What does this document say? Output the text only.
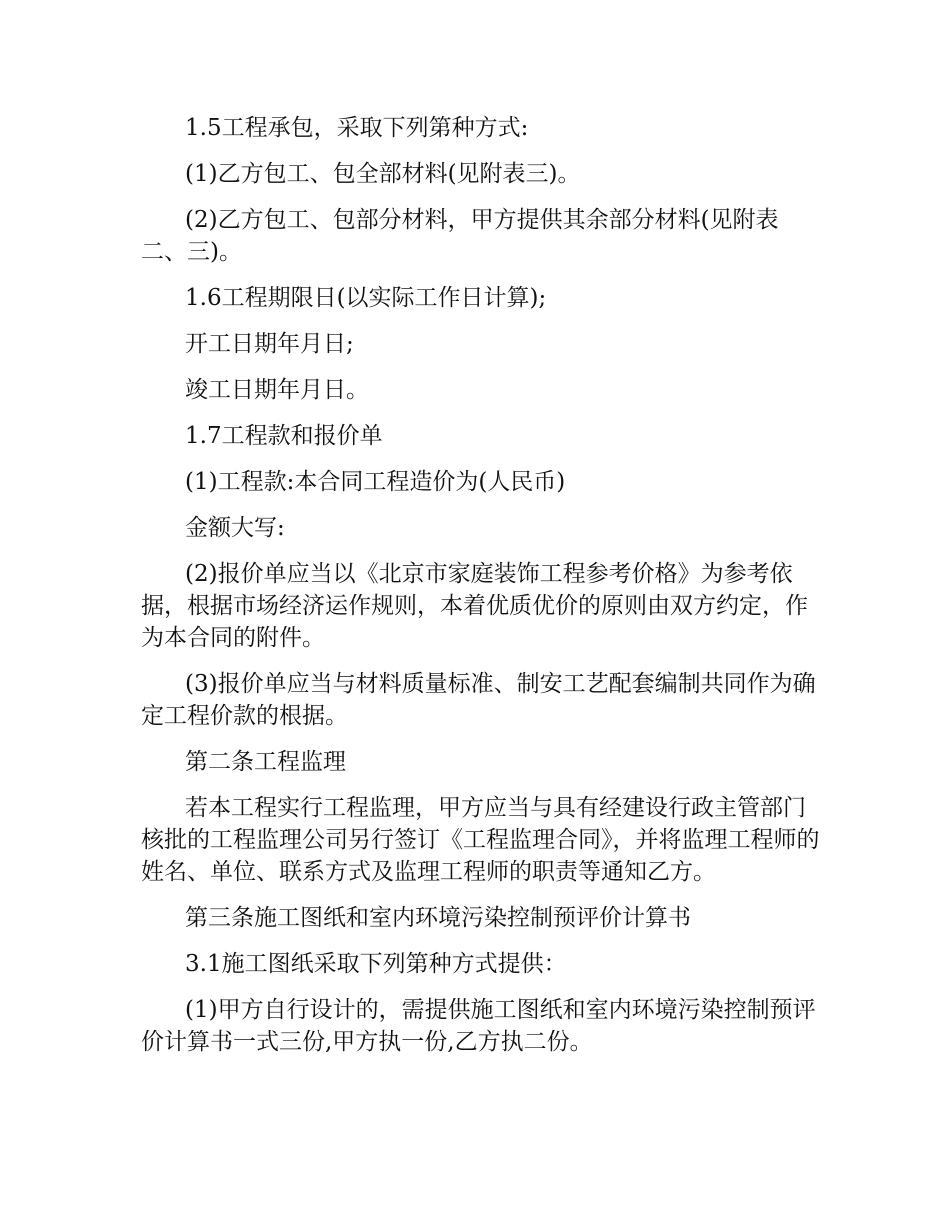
1.5工程承包，采取下列第种方式:

(1)乙方包工、包全部材料(见附表三)。

(2)乙方包工、包部分材料，甲方提供其余部分材料(见附表二、三)。

1.6工程期限日(以实际工作日计算);

开工日期年月日;

竣工日期年月日。

1.7工程款和报价单

(1)工程款:本合同工程造价为(人民币)

金额大写:

(2)报价单应当以《北京市家庭装饰工程参考价格》为参考依据，根据市场经济运作规则，本着优质优价的原则由双方约定，作为本合同的附件。

(3)报价单应当与材料质量标准、制安工艺配套编制共同作为确定工程价款的根据。

第二条工程监理

若本工程实行工程监理，甲方应当与具有经建设行政主管部门核批的工程监理公司另行签订《工程监理合同》，并将监理工程师的姓名、单位、联系方式及监理工程师的职责等通知乙方。

第三条施工图纸和室内环境污染控制预评价计算书

3.1施工图纸采取下列第种方式提供：

(1)甲方自行设计的，需提供施工图纸和室内环境污染控制预评价计算书一式三份,甲方执一份,乙方执二份。
